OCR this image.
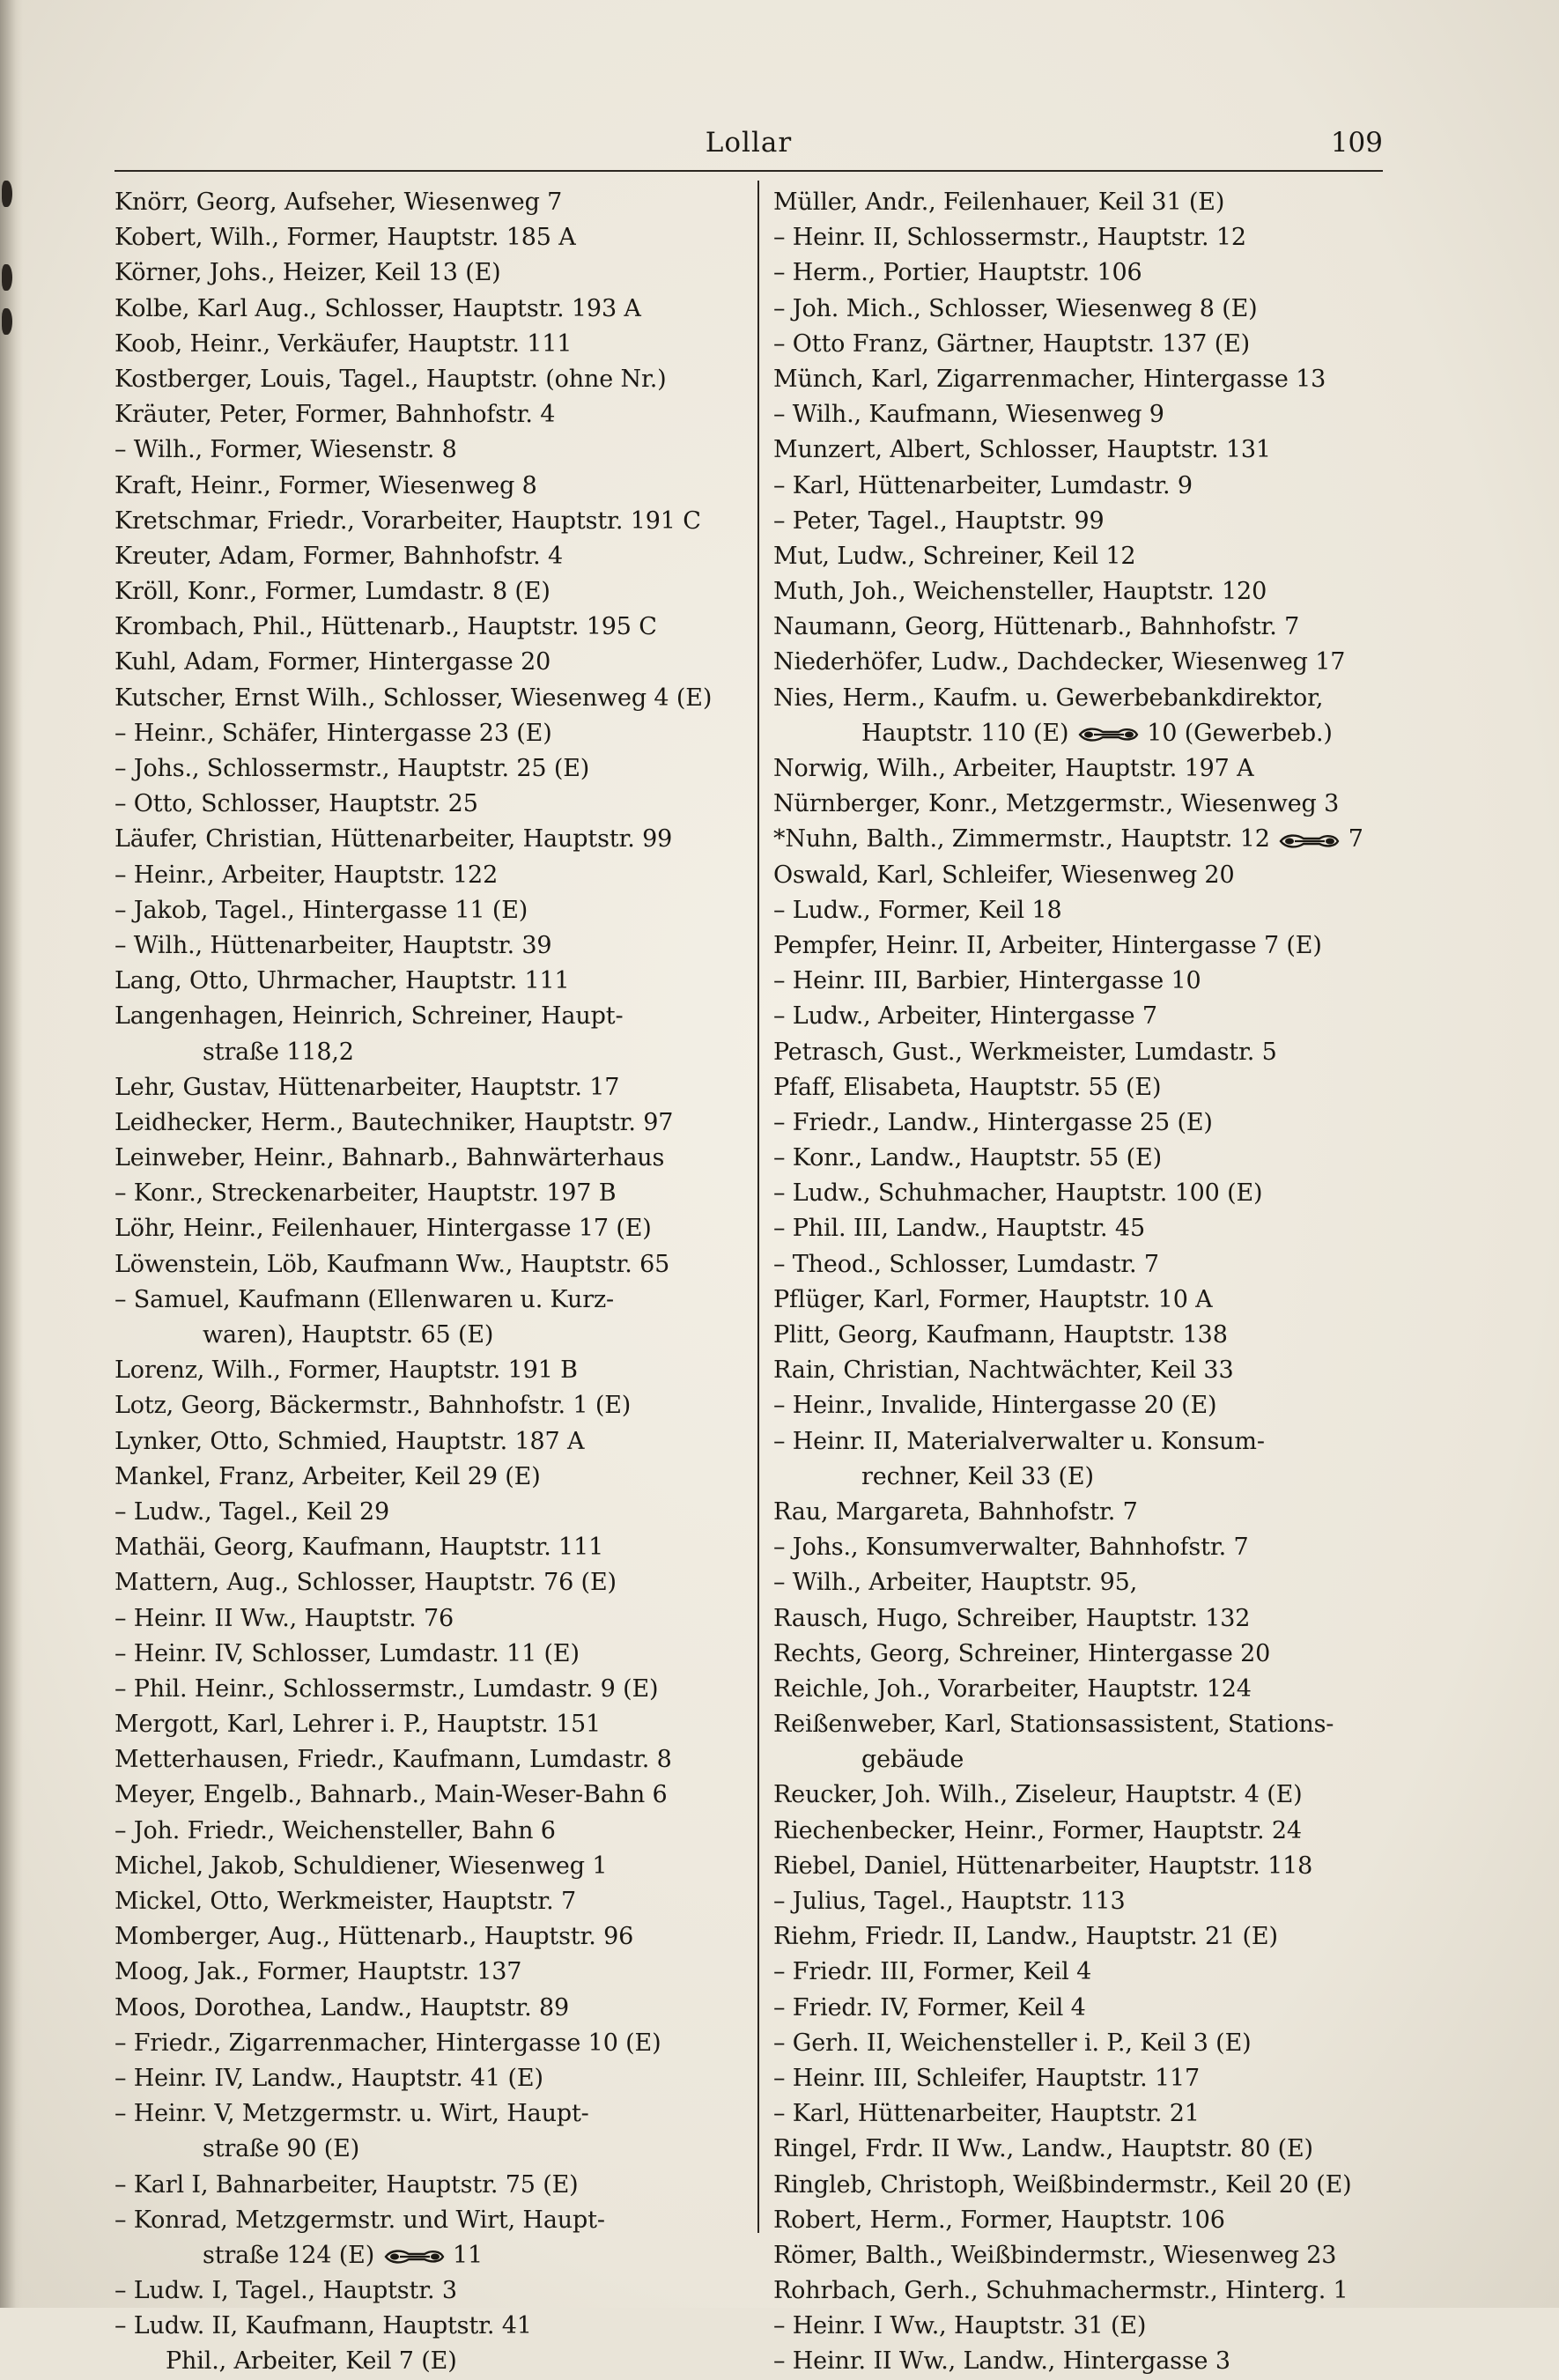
Lollar	109
Knörr, Georg, Aufseher, Wiesenweg 7
Kobert, Wilh., Former, Hauptstr. 185 A
Körner, Johs., Heizer, Keil 13 (E)
Kolbe, Karl Aug., Schlosser, Hauptstr. 193 A
Koob, Heinr., Verkäufer, Hauptstr. 111
Kostberger, Louis, Tagel., Hauptstr. (ohne Nr.)
Kräuter, Peter, Former, Bahnhofstr. 4
– Wilh., Former, Wiesenstr. 8
Kraft, Heinr., Former, Wiesenweg 8
Kretschmar, Friedr., Vorarbeiter, Hauptstr. 191 C
Kreuter, Adam, Former, Bahnhofstr. 4
Kröll, Konr., Former, Lumdastr. 8 (E)
Krombach, Phil., Hüttenarb., Hauptstr. 195 C
Kuhl, Adam, Former, Hintergasse 20
Kutscher, Ernst Wilh., Schlosser, Wiesenweg 4 (E)
– Heinr., Schäfer, Hintergasse 23 (E)
– Johs., Schlossermstr., Hauptstr. 25 (E)
– Otto, Schlosser, Hauptstr. 25
Läufer, Christian, Hüttenarbeiter, Hauptstr. 99
– Heinr., Arbeiter, Hauptstr. 122
– Jakob, Tagel., Hintergasse 11 (E)
– Wilh., Hüttenarbeiter, Hauptstr. 39
Lang, Otto, Uhrmacher, Hauptstr. 111
Langenhagen, Heinrich, Schreiner, Haupt-
straße 118,2
Lehr, Gustav, Hüttenarbeiter, Hauptstr. 17
Leidhecker, Herm., Bautechniker, Hauptstr. 97
Leinweber, Heinr., Bahnarb., Bahnwärterhaus
– Konr., Streckenarbeiter, Hauptstr. 197 B
Löhr, Heinr., Feilenhauer, Hintergasse 17 (E)
Löwenstein, Löb, Kaufmann Ww., Hauptstr. 65
– Samuel, Kaufmann (Ellenwaren u. Kurz-
waren), Hauptstr. 65 (E)
Lorenz, Wilh., Former, Hauptstr. 191 B
Lotz, Georg, Bäckermstr., Bahnhofstr. 1 (E)
Lynker, Otto, Schmied, Hauptstr. 187 A
Mankel, Franz, Arbeiter, Keil 29 (E)
– Ludw., Tagel., Keil 29
Mathäi, Georg, Kaufmann, Hauptstr. 111
Mattern, Aug., Schlosser, Hauptstr. 76 (E)
– Heinr. II Ww., Hauptstr. 76
– Heinr. IV, Schlosser, Lumdastr. 11 (E)
– Phil. Heinr., Schlossermstr., Lumdastr. 9 (E)
Mergott, Karl, Lehrer i. P., Hauptstr. 151
Metterhausen, Friedr., Kaufmann, Lumdastr. 8
Meyer, Engelb., Bahnarb., Main-Weser-Bahn 6
– Joh. Friedr., Weichensteller, Bahn 6
Michel, Jakob, Schuldiener, Wiesenweg 1
Mickel, Otto, Werkmeister, Hauptstr. 7
Momberger, Aug., Hüttenarb., Hauptstr. 96
Moog, Jak., Former, Hauptstr. 137
Moos, Dorothea, Landw., Hauptstr. 89
– Friedr., Zigarrenmacher, Hintergasse 10 (E)
– Heinr. IV, Landw., Hauptstr. 41 (E)
– Heinr. V, Metzgermstr. u. Wirt, Haupt-
straße 90 (E)
– Karl I, Bahnarbeiter, Hauptstr. 75 (E)
– Konrad, Metzgermstr. und Wirt, Haupt-
straße 124 (E)	11
– Ludw. I, Tagel., Hauptstr. 3
– Ludw. II, Kaufmann, Hauptstr. 41
Phil., Arbeiter, Keil 7 (E)
Müller, Andr., Feilenhauer, Keil 31 (E)
– Heinr. II, Schlossermstr., Hauptstr. 12
– Herm., Portier, Hauptstr. 106
– Joh. Mich., Schlosser, Wiesenweg 8 (E)
– Otto Franz, Gärtner, Hauptstr. 137 (E)
Münch, Karl, Zigarrenmacher, Hintergasse 13
– Wilh., Kaufmann, Wiesenweg 9
Munzert, Albert, Schlosser, Hauptstr. 131
– Karl, Hüttenarbeiter, Lumdastr. 9
– Peter, Tagel., Hauptstr. 99
Mut, Ludw., Schreiner, Keil 12
Muth, Joh., Weichensteller, Hauptstr. 120
Naumann, Georg, Hüttenarb., Bahnhofstr. 7
Niederhöfer, Ludw., Dachdecker, Wiesenweg 17
Nies, Herm., Kaufm. u. Gewerbebankdirektor,
Hauptstr. 110 (E)	10 (Gewerbeb.)
Norwig, Wilh., Arbeiter, Hauptstr. 197 A
Nürnberger, Konr., Metzgermstr., Wiesenweg 3
*Nuhn, Balth., Zimmermstr., Hauptstr. 12	7
Oswald, Karl, Schleifer, Wiesenweg 20
– Ludw., Former, Keil 18
Pempfer, Heinr. II, Arbeiter, Hintergasse 7 (E)
– Heinr. III, Barbier, Hintergasse 10
– Ludw., Arbeiter, Hintergasse 7
Petrasch, Gust., Werkmeister, Lumdastr. 5
Pfaff, Elisabeta, Hauptstr. 55 (E)
– Friedr., Landw., Hintergasse 25 (E)
– Konr., Landw., Hauptstr. 55 (E)
– Ludw., Schuhmacher, Hauptstr. 100 (E)
– Phil. III, Landw., Hauptstr. 45
– Theod., Schlosser, Lumdastr. 7
Pflüger, Karl, Former, Hauptstr. 10 A
Plitt, Georg, Kaufmann, Hauptstr. 138
Rain, Christian, Nachtwächter, Keil 33
– Heinr., Invalide, Hintergasse 20 (E)
– Heinr. II, Materialverwalter u. Konsum-
rechner, Keil 33 (E)
Rau, Margareta, Bahnhofstr. 7
– Johs., Konsumverwalter, Bahnhofstr. 7
– Wilh., Arbeiter, Hauptstr. 95,
Rausch, Hugo, Schreiber, Hauptstr. 132
Rechts, Georg, Schreiner, Hintergasse 20
Reichle, Joh., Vorarbeiter, Hauptstr. 124
Reißenweber, Karl, Stationsassistent, Stations-
gebäude
Reucker, Joh. Wilh., Ziseleur, Hauptstr. 4 (E)
Riechenbecker, Heinr., Former, Hauptstr. 24
Riebel, Daniel, Hüttenarbeiter, Hauptstr. 118
– Julius, Tagel., Hauptstr. 113
Riehm, Friedr. II, Landw., Hauptstr. 21 (E)
– Friedr. III, Former, Keil 4
– Friedr. IV, Former, Keil 4
– Gerh. II, Weichensteller i. P., Keil 3 (E)
– Heinr. III, Schleifer, Hauptstr. 117
– Karl, Hüttenarbeiter, Hauptstr. 21
Ringel, Frdr. II Ww., Landw., Hauptstr. 80 (E)
Ringleb, Christoph, Weißbindermstr., Keil 20 (E)
Robert, Herm., Former, Hauptstr. 106
Römer, Balth., Weißbindermstr., Wiesenweg 23
Rohrbach, Gerh., Schuhmachermstr., Hinterg. 1
– Heinr. I Ww., Hauptstr. 31 (E)
– Heinr. II Ww., Landw., Hintergasse 3
